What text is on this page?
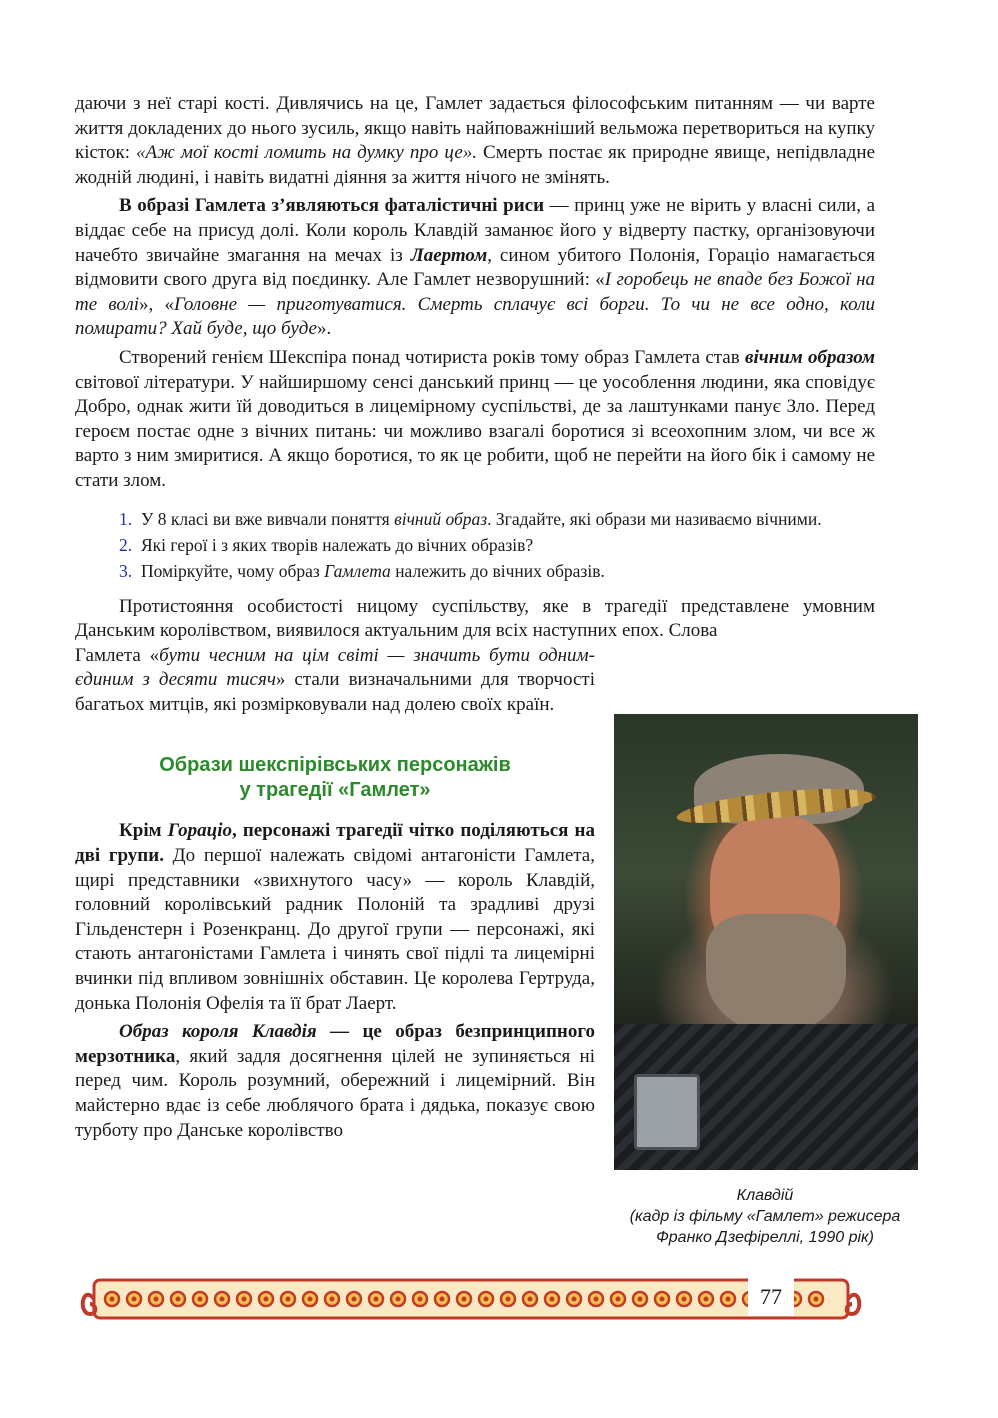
даючи з неї старі кості. Дивлячись на це, Гамлет задається філософським питанням — чи варте життя докладених до нього зусиль, якщо навіть найповажніший вельможа перетвориться на купку кісток: «Аж мої кості ломить на думку про це». Смерть постає як природне явище, непідвладне жодній людині, і навіть видатні діяння за життя нічого не змінять.

В образі Гамлета з’являються фаталістичні риси — принц уже не вірить у власні сили, а віддає себе на присуд долі. Коли король Клавдій заманює його у відверту пастку, організовуючи начебто звичайне змагання на мечах із Лаертом, сином убитого Полонія, Горацio намагається відмовити свого друга від поєдинку. Але Гамлет незворушний: «І горобець не впаде без Божої на те волі», «Головне — приготуватися. Смерть сплачує всі борги. То чи не все одно, коли помирати? Хай буде, що буде».

Створений генієм Шекспіра понад чотириста років тому образ Гамлета став вічним образом світової літератури. У найширшому сенсі данський принц — це уособлення людини, яка сповідує Добро, однак жити їй доводиться в лицемірному суспільстві, де за лаштунками панує Зло. Перед героєм постає одне з вічних питань: чи можливо взагалі боротися зі всеохопним злом, чи все ж варто з ним змиритися. А якщо боротися, то як це робити, щоб не перейти на його бік і самому не стати злом.

1. У 8 класі ви вже вивчали поняття вічний образ. Згадайте, які образи ми називаємо вічними.
2. Які герої і з яких творів належать до вічних образів?
3. Поміркуйте, чому образ Гамлета належить до вічних образів.

Протистояння особистості ницому суспільству, яке в трагедії представлене умовним Данським королівством, виявилося актуальним для всіх наступних епох. Слова

Гамлета «бути чесним на цім світі — значить бути одним-єдиним з десяти тисяч» стали визначальними для творчості багатьох митців, які розмірковували над долею своїх країн.

Образи шекспірівських персонажів
у трагедії «Гамлет»

Крім Горацio, персонажі трагедії чітко поділяються на дві групи. До першої належать свідомі антагоністи Гамлета, щирі представники «звихнутого часу» — король Клавдій, головний королівський радник Полоній та зрадливі друзі Гільденстерн і Розенкранц. До другої групи — персонажі, які стають антагоністами Гамлета і чинять свої підлі та лицемірні вчинки під впливом зовнішніх обставин. Це королева Гертруда, донька Полонія Офелія та її брат Лаерт.

Образ короля Клавдія — це образ безпринципного мерзотника, який задля досягнення цілей не зупиняється ні перед чим. Король розумний, обережний і лицемірний. Він майстерно вдає із себе люблячого брата і дядька, показує свою турботу про Данське королівство

Клавдій
(кадр із фільму «Гамлет» режисера
Франко Дзефіреллі, 1990 рік)
77
